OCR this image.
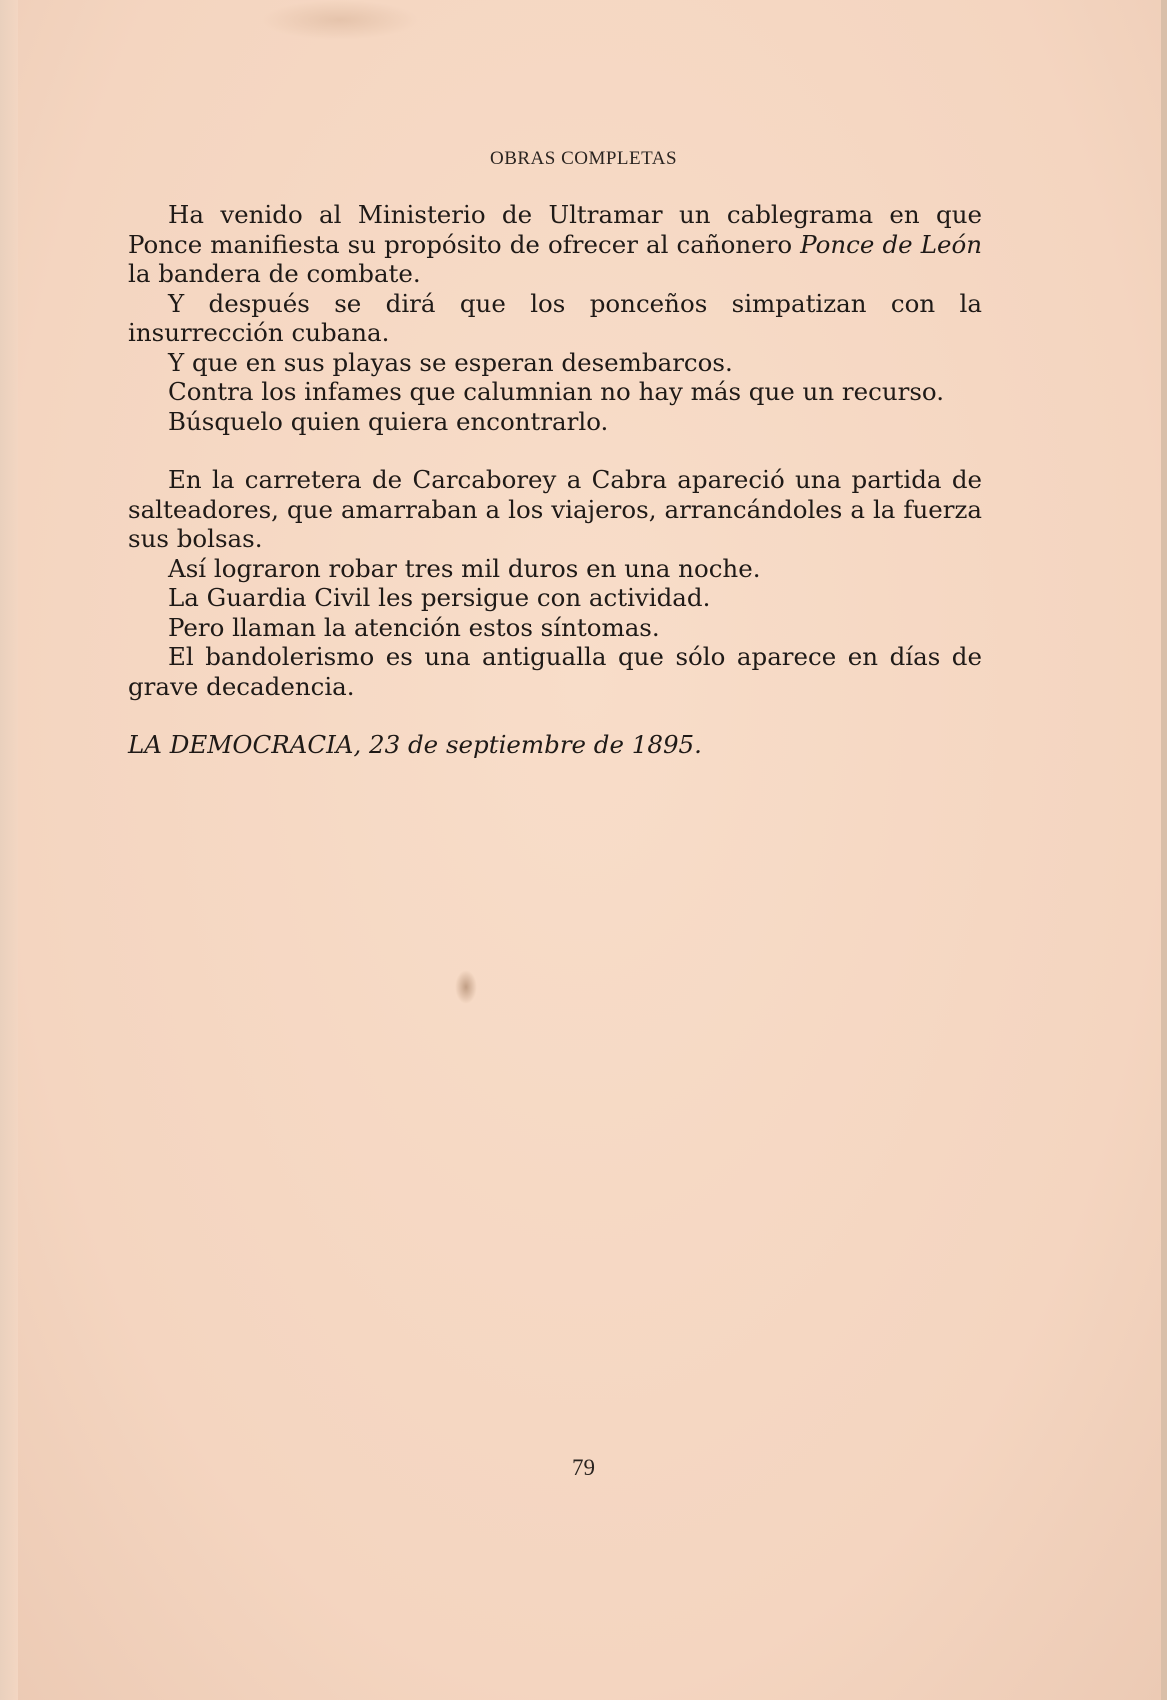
OBRAS COMPLETAS

Ha venido al Ministerio de Ultramar un cablegrama en que Ponce manifiesta su propósito de ofrecer al cañonero Ponce de León la bandera de combate.

Y después se dirá que los ponceños simpatizan con la insurrección cubana.

Y que en sus playas se esperan desembarcos.

Contra los infames que calumnian no hay más que un recurso.

Búsquelo quien quiera encontrarlo.

En la carretera de Carcaborey a Cabra apareció una partida de salteadores, que amarraban a los viajeros, arrancándoles a la fuerza sus bolsas.

Así lograron robar tres mil duros en una noche.

La Guardia Civil les persigue con actividad.

Pero llaman la atención estos síntomas.

El bandolerismo es una antigualla que sólo aparece en días de grave decadencia.

LA DEMOCRACIA, 23 de septiembre de 1895.

79
